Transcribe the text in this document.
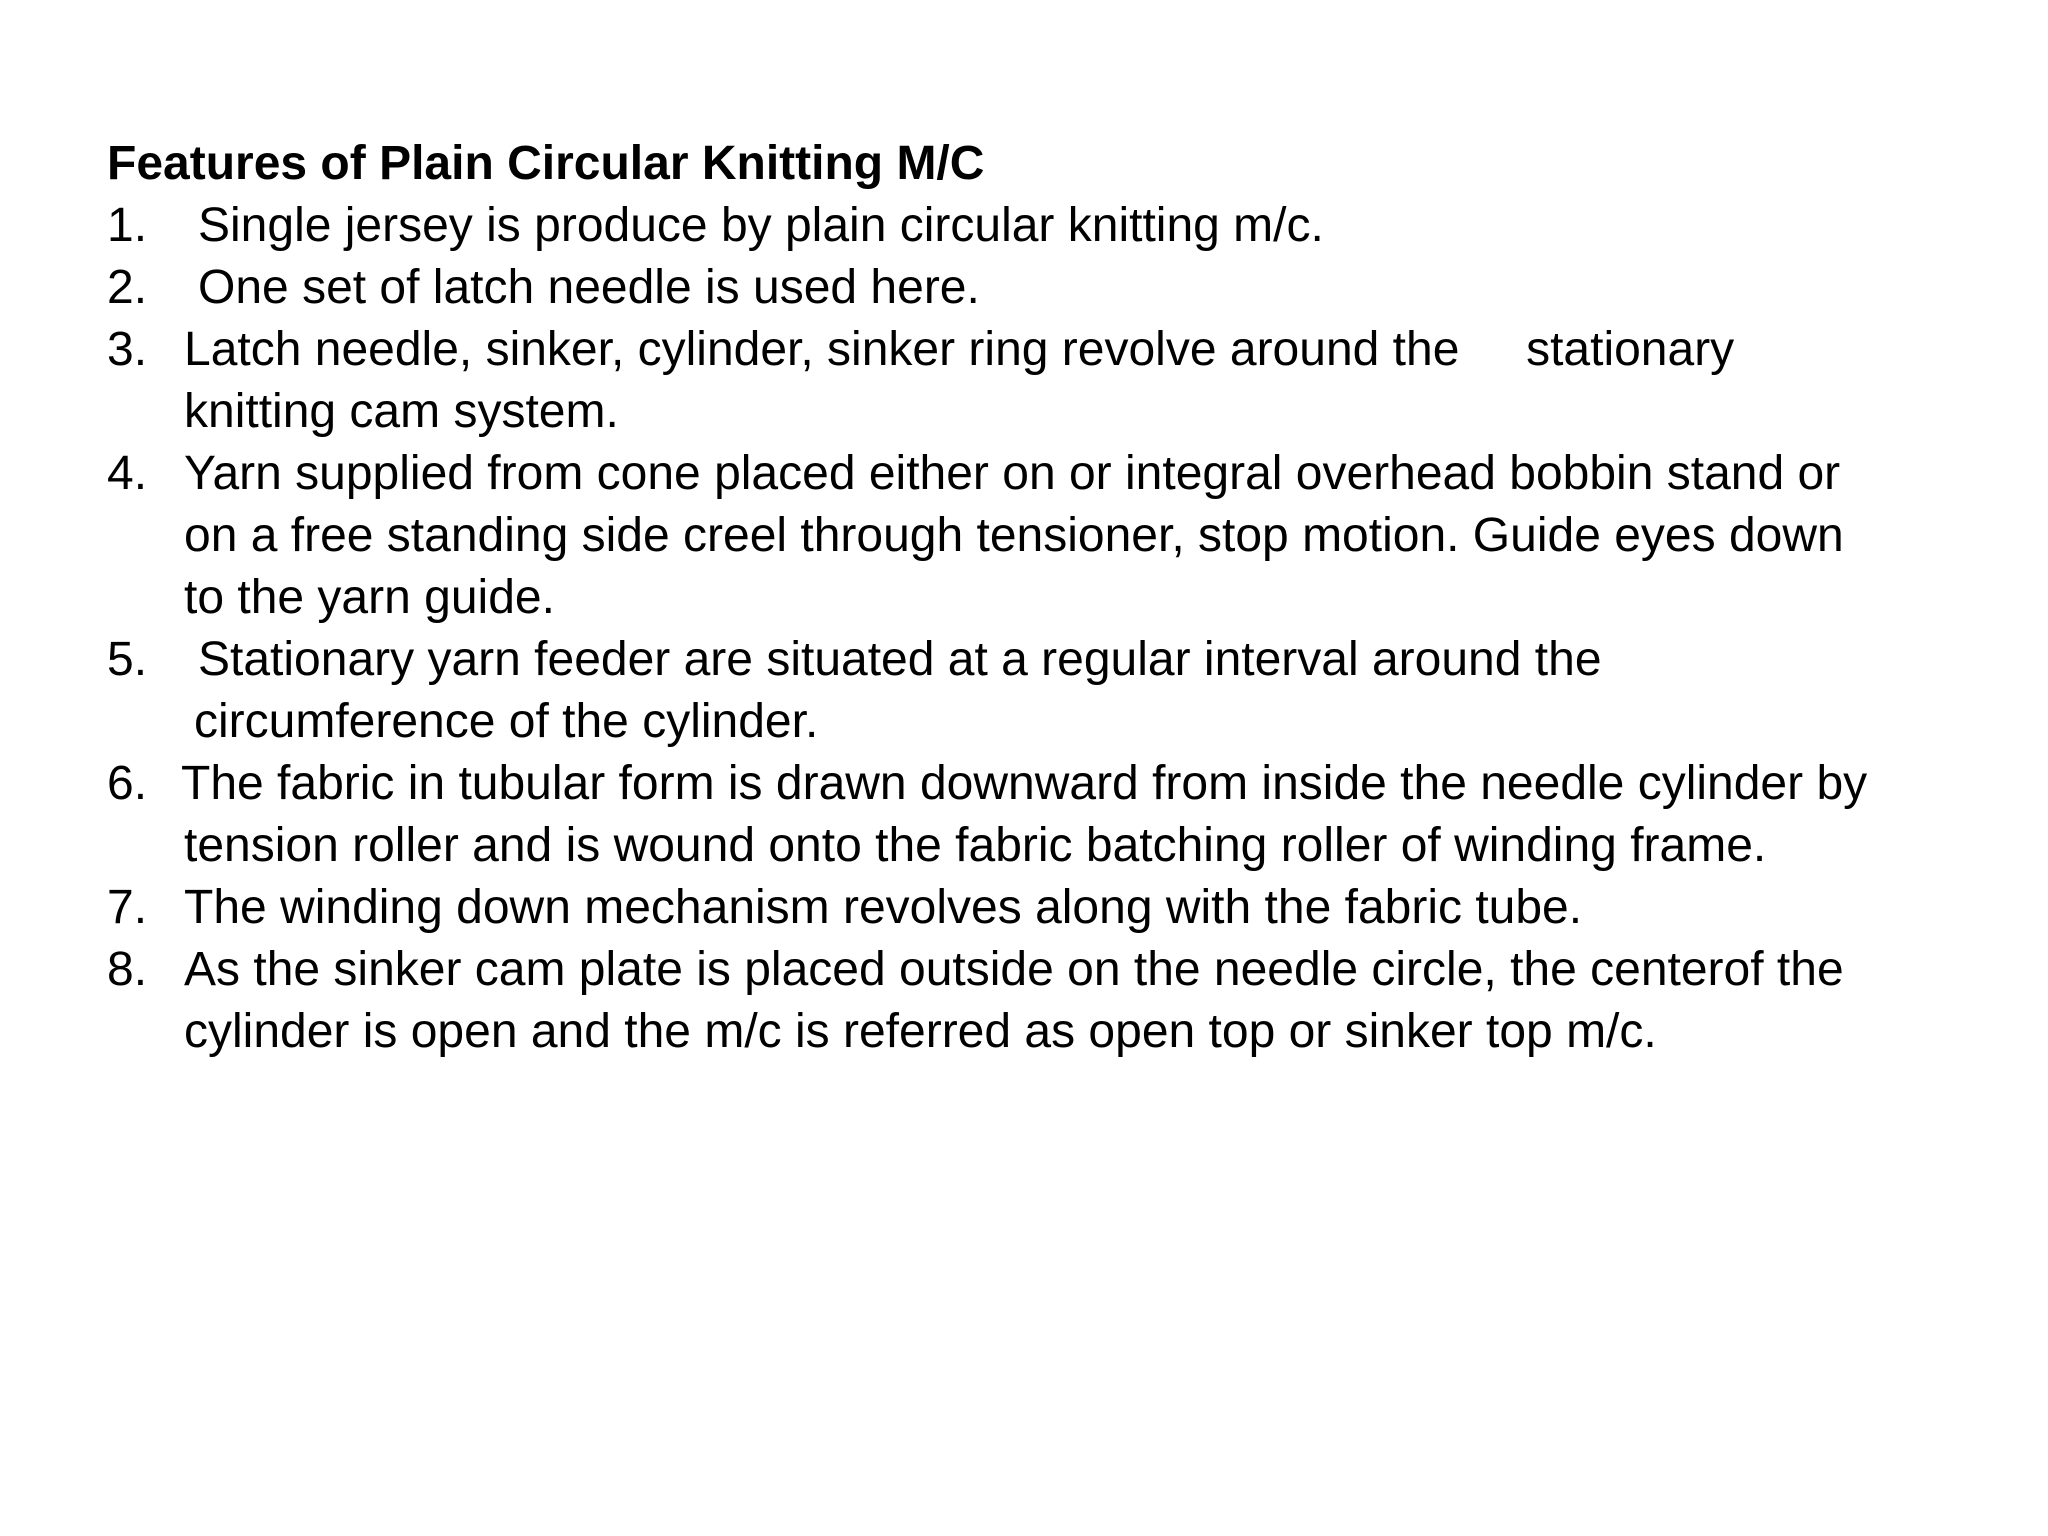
Features of Plain Circular Knitting M/C
1. Single jersey is produce by plain circular knitting m/c.
2. One set of latch needle is used here.
3. Latch needle, sinker, cylinder, sinker ring revolve around the     stationary
knitting cam system.
4. Yarn supplied from cone placed either on or integral overhead bobbin stand or
on a free standing side creel through tensioner, stop motion. Guide eyes down
to the yarn guide.
5. Stationary yarn feeder are situated at a regular interval around the
circumference of the cylinder.
6. The fabric in tubular form is drawn downward from inside the needle cylinder by
tension roller and is wound onto the fabric batching roller of winding frame.
7. The winding down mechanism revolves along with the fabric tube.
8. As the sinker cam plate is placed outside on the needle circle, the centerof the
cylinder is open and the m/c is referred as open top or sinker top m/c.
